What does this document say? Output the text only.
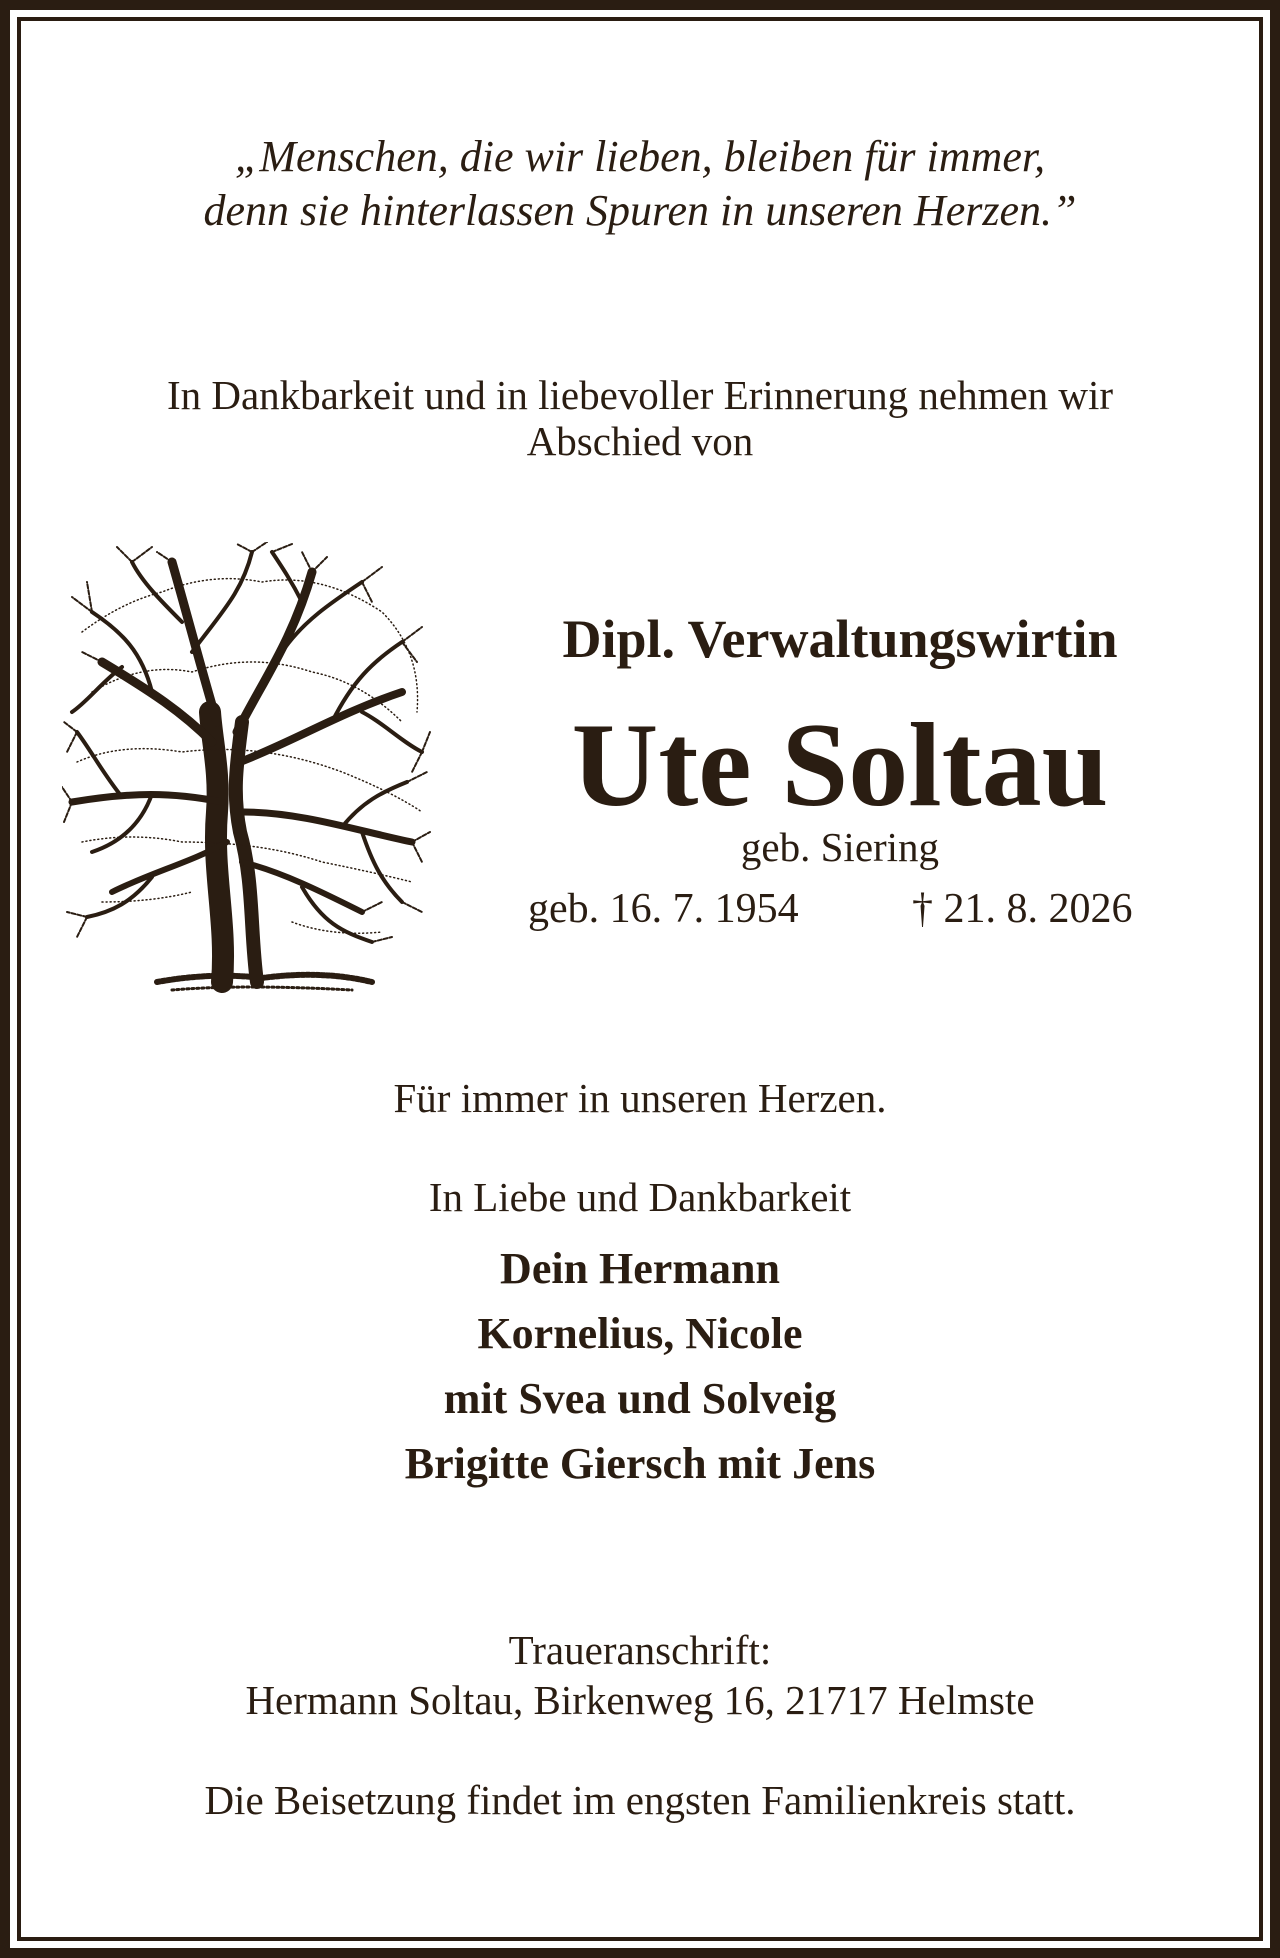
„Menschen, die wir lieben, bleiben für immer,
denn sie hinterlassen Spuren in unseren Herzen.”
In Dankbarkeit und in liebevoller Erinnerung nehmen wir
Abschied von
Dipl. Verwaltungswirtin
Ute Soltau
geb. Siering
geb. 16. 7. 1954	† 21. 8. 2026
Für immer in unseren Herzen.
In Liebe und Dankbarkeit
Dein Hermann
Kornelius, Nicole
mit Svea und Solveig
Brigitte Giersch mit Jens
Traueranschrift:
Hermann Soltau, Birkenweg 16, 21717 Helmste
Die Beisetzung findet im engsten Familienkreis statt.
